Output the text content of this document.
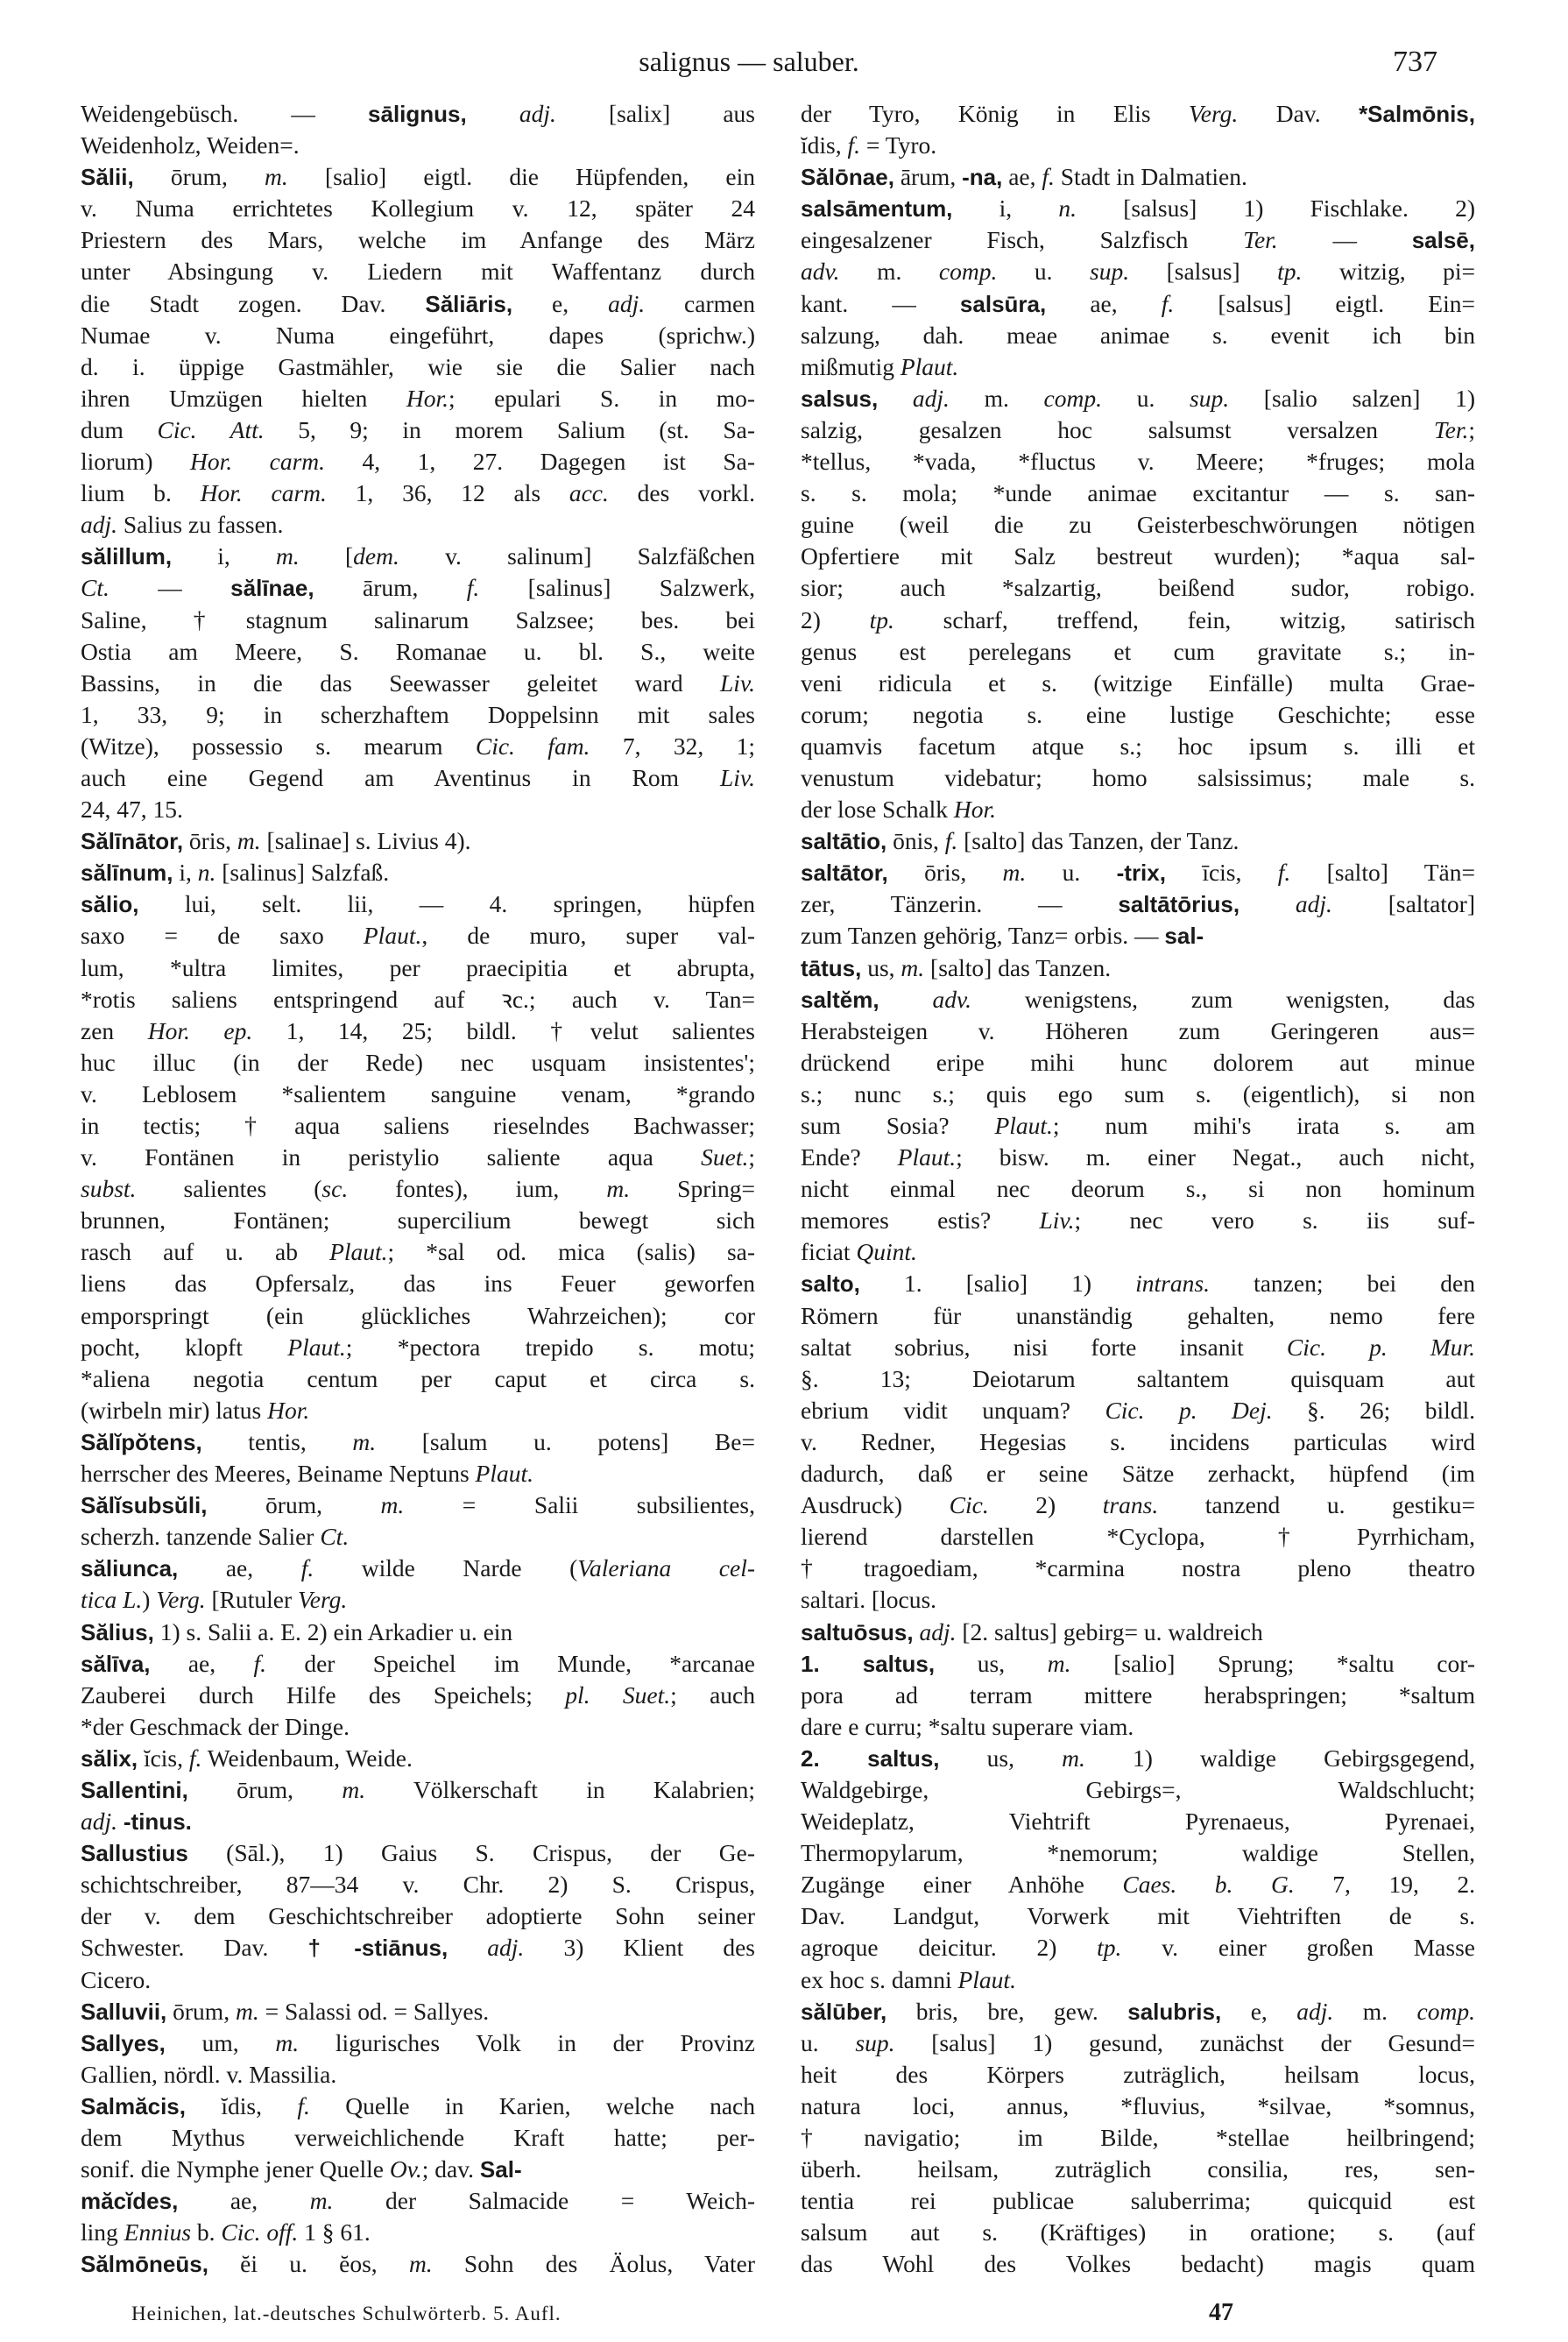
salignus — saluber.	737
Weidengebüsch. — sālignus, adj. [salix] aus
Weidenholz, Weiden=.
Sălii, ōrum, m. [salio] eigtl. die Hüpfenden, ein
v. Numa errichtetes Kollegium v. 12, später 24
Priestern des Mars, welche im Anfange des März
unter Absingung v. Liedern mit Waffentanz durch
die Stadt zogen. Dav. Săliāris, e, adj. carmen
Numae v. Numa eingeführt, dapes (sprichw.)
d. i. üppige Gastmähler, wie sie die Salier nach
ihren Umzügen hielten Hor.; epulari S. in mo-
dum Cic. Att. 5, 9; in morem Salium (st. Sa-
liorum) Hor. carm. 4, 1, 27. Dagegen ist Sa-
lium b. Hor. carm. 1, 36, 12 als acc. des vorkl.
adj. Salius zu fassen.
sălillum, i, m. [dem. v. salinum] Salzfäßchen
Ct. — sălīnae, ārum, f. [salinus] Salzwerk,
Saline, †stagnum salinarum Salzsee; bes. bei
Ostia am Meere, S. Romanae u. bl. S., weite
Bassins, in die das Seewasser geleitet ward Liv.
1, 33, 9; in scherzhaftem Doppelsinn mit sales
(Witze), possessio s. mearum Cic. fam. 7, 32, 1;
auch eine Gegend am Aventinus in Rom Liv.
24, 47, 15.
Sălīnātor, ōris, m. [salinae] s. Livius 4).
sălīnum, i, n. [salinus] Salzfaß.
sălio, lui, selt. lii, — 4. springen, hüpfen
saxo = de saxo Plaut., de muro, super val-
lum, *ultra limites, per praecipitia et abrupta,
*rotis saliens entspringend auf ꝛc.; auch v. Tan=
zen Hor. ep. 1, 14, 25; bildl. †velut salientes
huc illuc (in der Rede) nec usquam insistentes';
v. Leblosem *salientem sanguine venam, *grando
in tectis; †aqua saliens rieselndes Bachwasser;
v. Fontänen in peristylio saliente aqua Suet.;
subst. salientes (sc. fontes), ium, m. Spring=
brunnen, Fontänen; supercilium bewegt sich
rasch auf u. ab Plaut.; *sal od. mica (salis) sa-
liens das Opfersalz, das ins Feuer geworfen
emporspringt (ein glückliches Wahrzeichen); cor
pocht, klopft Plaut.; *pectora trepido s. motu;
*aliena negotia centum per caput et circa s.
(wirbeln mir) latus Hor.
Sălĭpŏtens, tentis, m. [salum u. potens] Be=
herrscher des Meeres, Beiname Neptuns Plaut.
Sălĭsubsŭli, ōrum, m. = Salii subsilientes,
scherzh. tanzende Salier Ct.
săliunca, ae, f. wilde Narde (Valeriana cel-
tica L.) Verg. [Rutuler Verg.
Sălius, 1) s. Salii a. E. 2) ein Arkadier u. ein
sălīva, ae, f. der Speichel im Munde, *arcanae
Zauberei durch Hilfe des Speichels; pl. Suet.; auch
*der Geschmack der Dinge.
sălix, ĭcis, f. Weidenbaum, Weide.
Sallentini, ōrum, m. Völkerschaft in Kalabrien;
adj. -tinus.
Sallustius (Sāl.), 1) Gaius S. Crispus, der Ge-
schichtschreiber, 87—34 v. Chr. 2) S. Crispus,
der v. dem Geschichtschreiber adoptierte Sohn seiner
Schwester. Dav. †-stiānus, adj. 3) Klient des
Cicero.
Salluvii, ōrum, m. = Salassi od. = Sallyes.
Sallyes, um, m. ligurisches Volk in der Provinz
Gallien, nördl. v. Massilia.
Salmăcis, ĭdis, f. Quelle in Karien, welche nach
dem Mythus verweichlichende Kraft hatte; per-
sonif. die Nymphe jener Quelle Ov.; dav. Sal-
măcĭdes, ae, m. der Salmacide = Weich-
ling Ennius b. Cic. off. 1 § 61.
Sălmōneūs, ĕi u. ĕos, m. Sohn des Äolus, Vater
der Tyro, König in Elis Verg. Dav. *Salmōnis,
ĭdis, f. = Tyro.
Sălōnae, ārum, -na, ae, f. Stadt in Dalmatien.
salsāmentum, i, n. [salsus] 1) Fischlake. 2)
eingesalzener Fisch, Salzfisch Ter. — salsē,
adv. m. comp. u. sup. [salsus] tp. witzig, pi=
kant. — salsūra, ae, f. [salsus] eigtl. Ein=
salzung, dah. meae animae s. evenit ich bin
mißmutig Plaut.
salsus, adj. m. comp. u. sup. [salio salzen] 1)
salzig, gesalzen hoc salsumst versalzen Ter.;
*tellus, *vada, *fluctus v. Meere; *fruges; mola
s. s. mola; *unde animae excitantur — s. san-
guine (weil die zu Geisterbeschwörungen nötigen
Opfertiere mit Salz bestreut wurden); *aqua sal-
sior; auch *salzartig, beißend sudor, robigo.
2) tp. scharf, treffend, fein, witzig, satirisch
genus est perelegans et cum gravitate s.; in-
veni ridicula et s. (witzige Einfälle) multa Grae-
corum; negotia s. eine lustige Geschichte; esse
quamvis facetum atque s.; hoc ipsum s. illi et
venustum videbatur; homo salsissimus; male s.
der lose Schalk Hor.
saltātio, ōnis, f. [salto] das Tanzen, der Tanz.
saltātor, ōris, m. u. -trix, īcis, f. [salto] Tän=
zer, Tänzerin. — saltātōrius, adj. [saltator]
zum Tanzen gehörig, Tanz= orbis. — sal-
tātus, us, m. [salto] das Tanzen.
saltĕm, adv. wenigstens, zum wenigsten, das
Herabsteigen v. Höheren zum Geringeren aus=
drückend eripe mihi hunc dolorem aut minue
s.; nunc s.; quis ego sum s. (eigentlich), si non
sum Sosia? Plaut.; num mihi's irata s. am
Ende? Plaut.; bisw. m. einer Negat., auch nicht,
nicht einmal nec deorum s., si non hominum
memores estis? Liv.; nec vero s. iis suf-
ficiat Quint.
salto, 1. [salio] 1) intrans. tanzen; bei den
Römern für unanständig gehalten, nemo fere
saltat sobrius, nisi forte insanit Cic. p. Mur.
§. 13; Deiotarum saltantem quisquam aut
ebrium vidit unquam? Cic. p. Dej. §. 26; bildl.
v. Redner, Hegesias s. incidens particulas wird
dadurch, daß er seine Sätze zerhackt, hüpfend (im
Ausdruck) Cic. 2) trans. tanzend u. gestiku=
lierend darstellen *Cyclopa, †Pyrrhicham,
†tragoediam, *carmina nostra pleno theatro
saltari. [locus.
saltuōsus, adj. [2. saltus] gebirg= u. waldreich
1. saltus, us, m. [salio] Sprung; *saltu cor-
pora ad terram mittere herabspringen; *saltum
dare e curru; *saltu superare viam.
2. saltus, us, m. 1) waldige Gebirgsgegend,
Waldgebirge, Gebirgs=, Waldschlucht;
Weideplatz, Viehtrift Pyrenaeus, Pyrenaei,
Thermopylarum, *nemorum; waldige Stellen,
Zugänge einer Anhöhe Caes. b. G. 7, 19, 2.
Dav. Landgut, Vorwerk mit Viehtriften de s.
agroque deicitur. 2) tp. v. einer großen Masse
ex hoc s. damni Plaut.
sălūber, bris, bre, gew. salubris, e, adj. m. comp.
u. sup. [salus] 1) gesund, zunächst der Gesund=
heit des Körpers zuträglich, heilsam locus,
natura loci, annus, *fluvius, *silvae, *somnus,
†navigatio; im Bilde, *stellae heilbringend;
überh. heilsam, zuträglich consilia, res, sen-
tentia rei publicae saluberrima; quicquid est
salsum aut s. (Kräftiges) in oratione; s. (auf
das Wohl des Volkes bedacht) magis quam
Heinichen, lat.-deutsches Schulwörterb. 5. Aufl.	47
